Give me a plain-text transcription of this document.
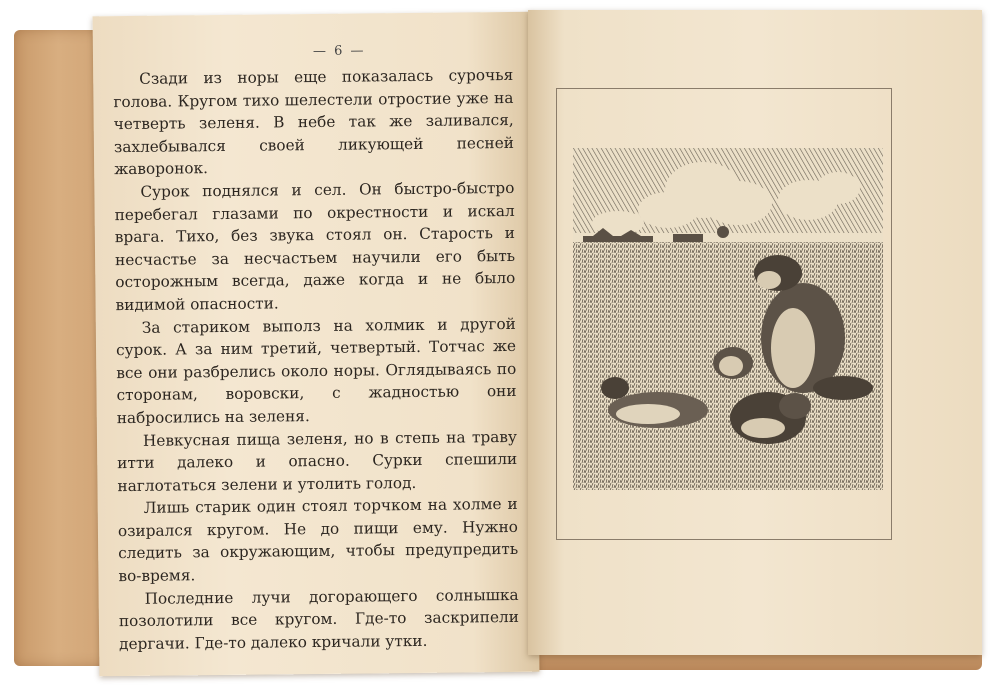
— 6 —

Сзади из норы еще показалась сурочья голова. Кругом тихо шелестели отростие уже на четверть зеленя. В небе так же заливался, захлебывался своей ликующей песней жаворонок.

Сурок поднялся и сел. Он быстро-быстро перебегал глазами по окрестности и искал врага. Тихо, без звука стоял он. Старость и несчастье за несчастьем научили его быть осторожным всегда, даже когда и не было видимой опасности.

За стариком выполз на холмик и другой сурок. А за ним третий, четвертый. Тотчас же все они разбрелись около норы. Оглядываясь по сторонам, воровски, с жадностью они набросились на зеленя.

Невкусная пища зеленя, но в степь на траву итти далеко и опасно. Сурки спешили наглотаться зелени и утолить голод.

Лишь старик один стоял торчком на холме и озирался кругом. Не до пищи ему. Нужно следить за окружающим, чтобы предупредить во-время.

Последние лучи догорающего солнышка позолотили все кругом. Где-то заскрипели дергачи. Где-то далеко кричали утки.
